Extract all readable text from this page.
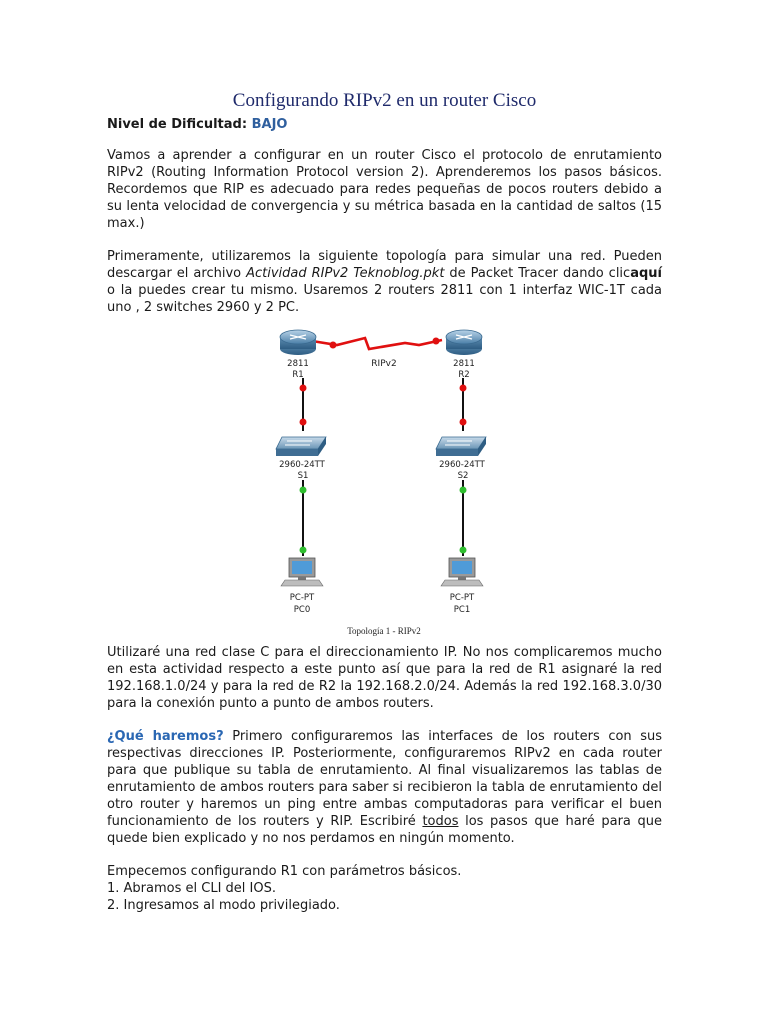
Configurando RIPv2 en un router Cisco

Nivel de Dificultad: BAJO

Vamos a aprender a configurar en un router Cisco el protocolo de enrutamiento RIPv2 (Routing Information Protocol version 2). Aprenderemos los pasos básicos. Recordemos que RIP es adecuado para redes pequeñas de pocos routers debido a su lenta velocidad de convergencia y su métrica basada en la cantidad de saltos (15 max.)

Primeramente, utilizaremos la siguiente topología para simular una red. Pueden descargar el archivo Actividad RIPv2 Teknoblog.pkt de Packet Tracer dando clicaquí o la puedes crear tu mismo. Usaremos 2 routers 2811 con 1 interfaz WIC-1T cada uno , 2 switches 2960 y 2 PC.

RIPv2
2811
R1
2811
R2
2960-24TT
S1
2960-24TT
S2
PC-PT
PC0
PC-PT
PC1
Topología 1 - RIPv2

Utilizaré una red clase C para el direccionamiento IP. No nos complicaremos mucho en esta actividad respecto a este punto así que para la red de R1 asignaré la red 192.168.1.0/24 y para la red de R2 la 192.168.2.0/24. Además la red 192.168.3.0/30 para la conexión punto a punto de ambos routers.

¿Qué haremos? Primero configuraremos las interfaces de los routers con sus respectivas direcciones IP. Posteriormente, configuraremos RIPv2 en cada router para que publique su tabla de enrutamiento. Al final visualizaremos las tablas de enrutamiento de ambos routers para saber si recibieron la tabla de enrutamiento del otro router y haremos un ping entre ambas computadoras para verificar el buen funcionamiento de los routers y RIP. Escribiré todos los pasos que haré para que quede bien explicado y no nos perdamos en ningún momento.

Empecemos configurando R1 con parámetros básicos.

1. Abramos el CLI del IOS.

2. Ingresamos al modo privilegiado.
